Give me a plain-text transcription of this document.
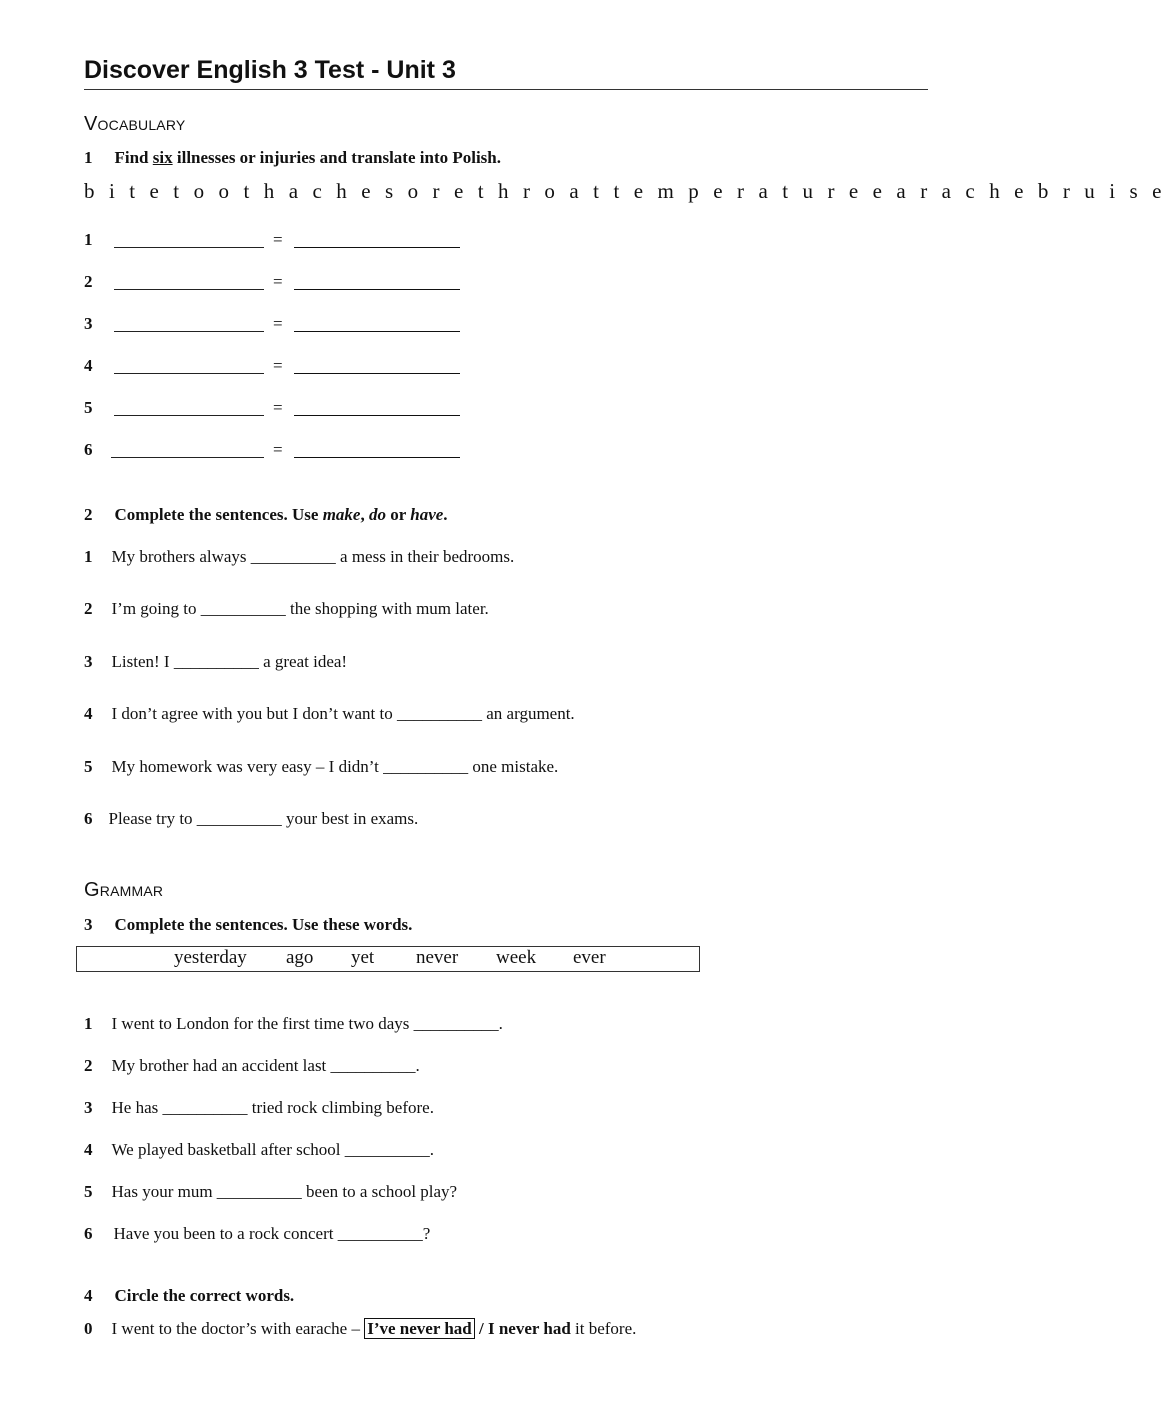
Discover English 3 Test - Unit 3
Vocabulary
1 Find six illnesses or injuries and translate into Polish.
b i t e t o o t h a c h e s o r e t h r o a t t e m p e r a t u r e e a r a c h e b r u i s e
1	=
2	=
3	=
4	=
5	=
6	=
2 Complete the sentences. Use make, do or have.
1 My brothers always __________ a mess in their bedrooms.
2 I’m going to __________ the shopping with mum later.
3 Listen! I __________ a great idea!
4 I don’t agree with you but I don’t want to __________ an argument.
5 My homework was very easy – I didn’t __________ one mistake.
6 Please try to __________ your best in exams.
Grammar
3 Complete the sentences. Use these words.
yesterday ago yet never week ever
1 I went to London for the first time two days __________.
2 My brother had an accident last __________.
3 He has __________ tried rock climbing before.
4 We played basketball after school __________.
5 Has your mum __________ been to a school play?
6 Have you been to a rock concert __________?
4 Circle the correct words.
0 I went to the doctor’s with earache – I’ve never had / I never had it before.
